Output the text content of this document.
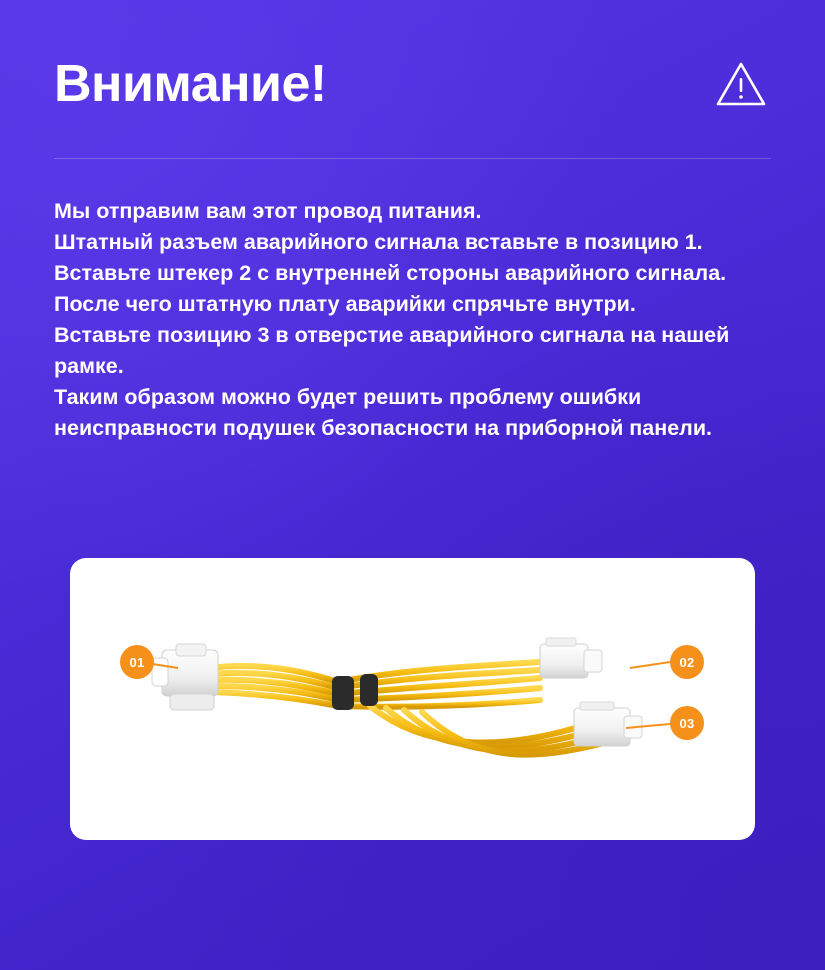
Внимание!

Мы отправим вам этот провод питания.

Штатный разъем аварийного сигнала вставьте в позицию 1.

Вставьте штекер 2 с внутренней стороны аварийного сигнала. После чего штатную плату аварийки спрячьте внутри.

Вставьте позицию 3 в отверстие аварийного сигнала на нашей рамке.

Таким образом можно будет решить проблему ошибки неисправности подушек безопасности на приборной панели.

01	02
03
